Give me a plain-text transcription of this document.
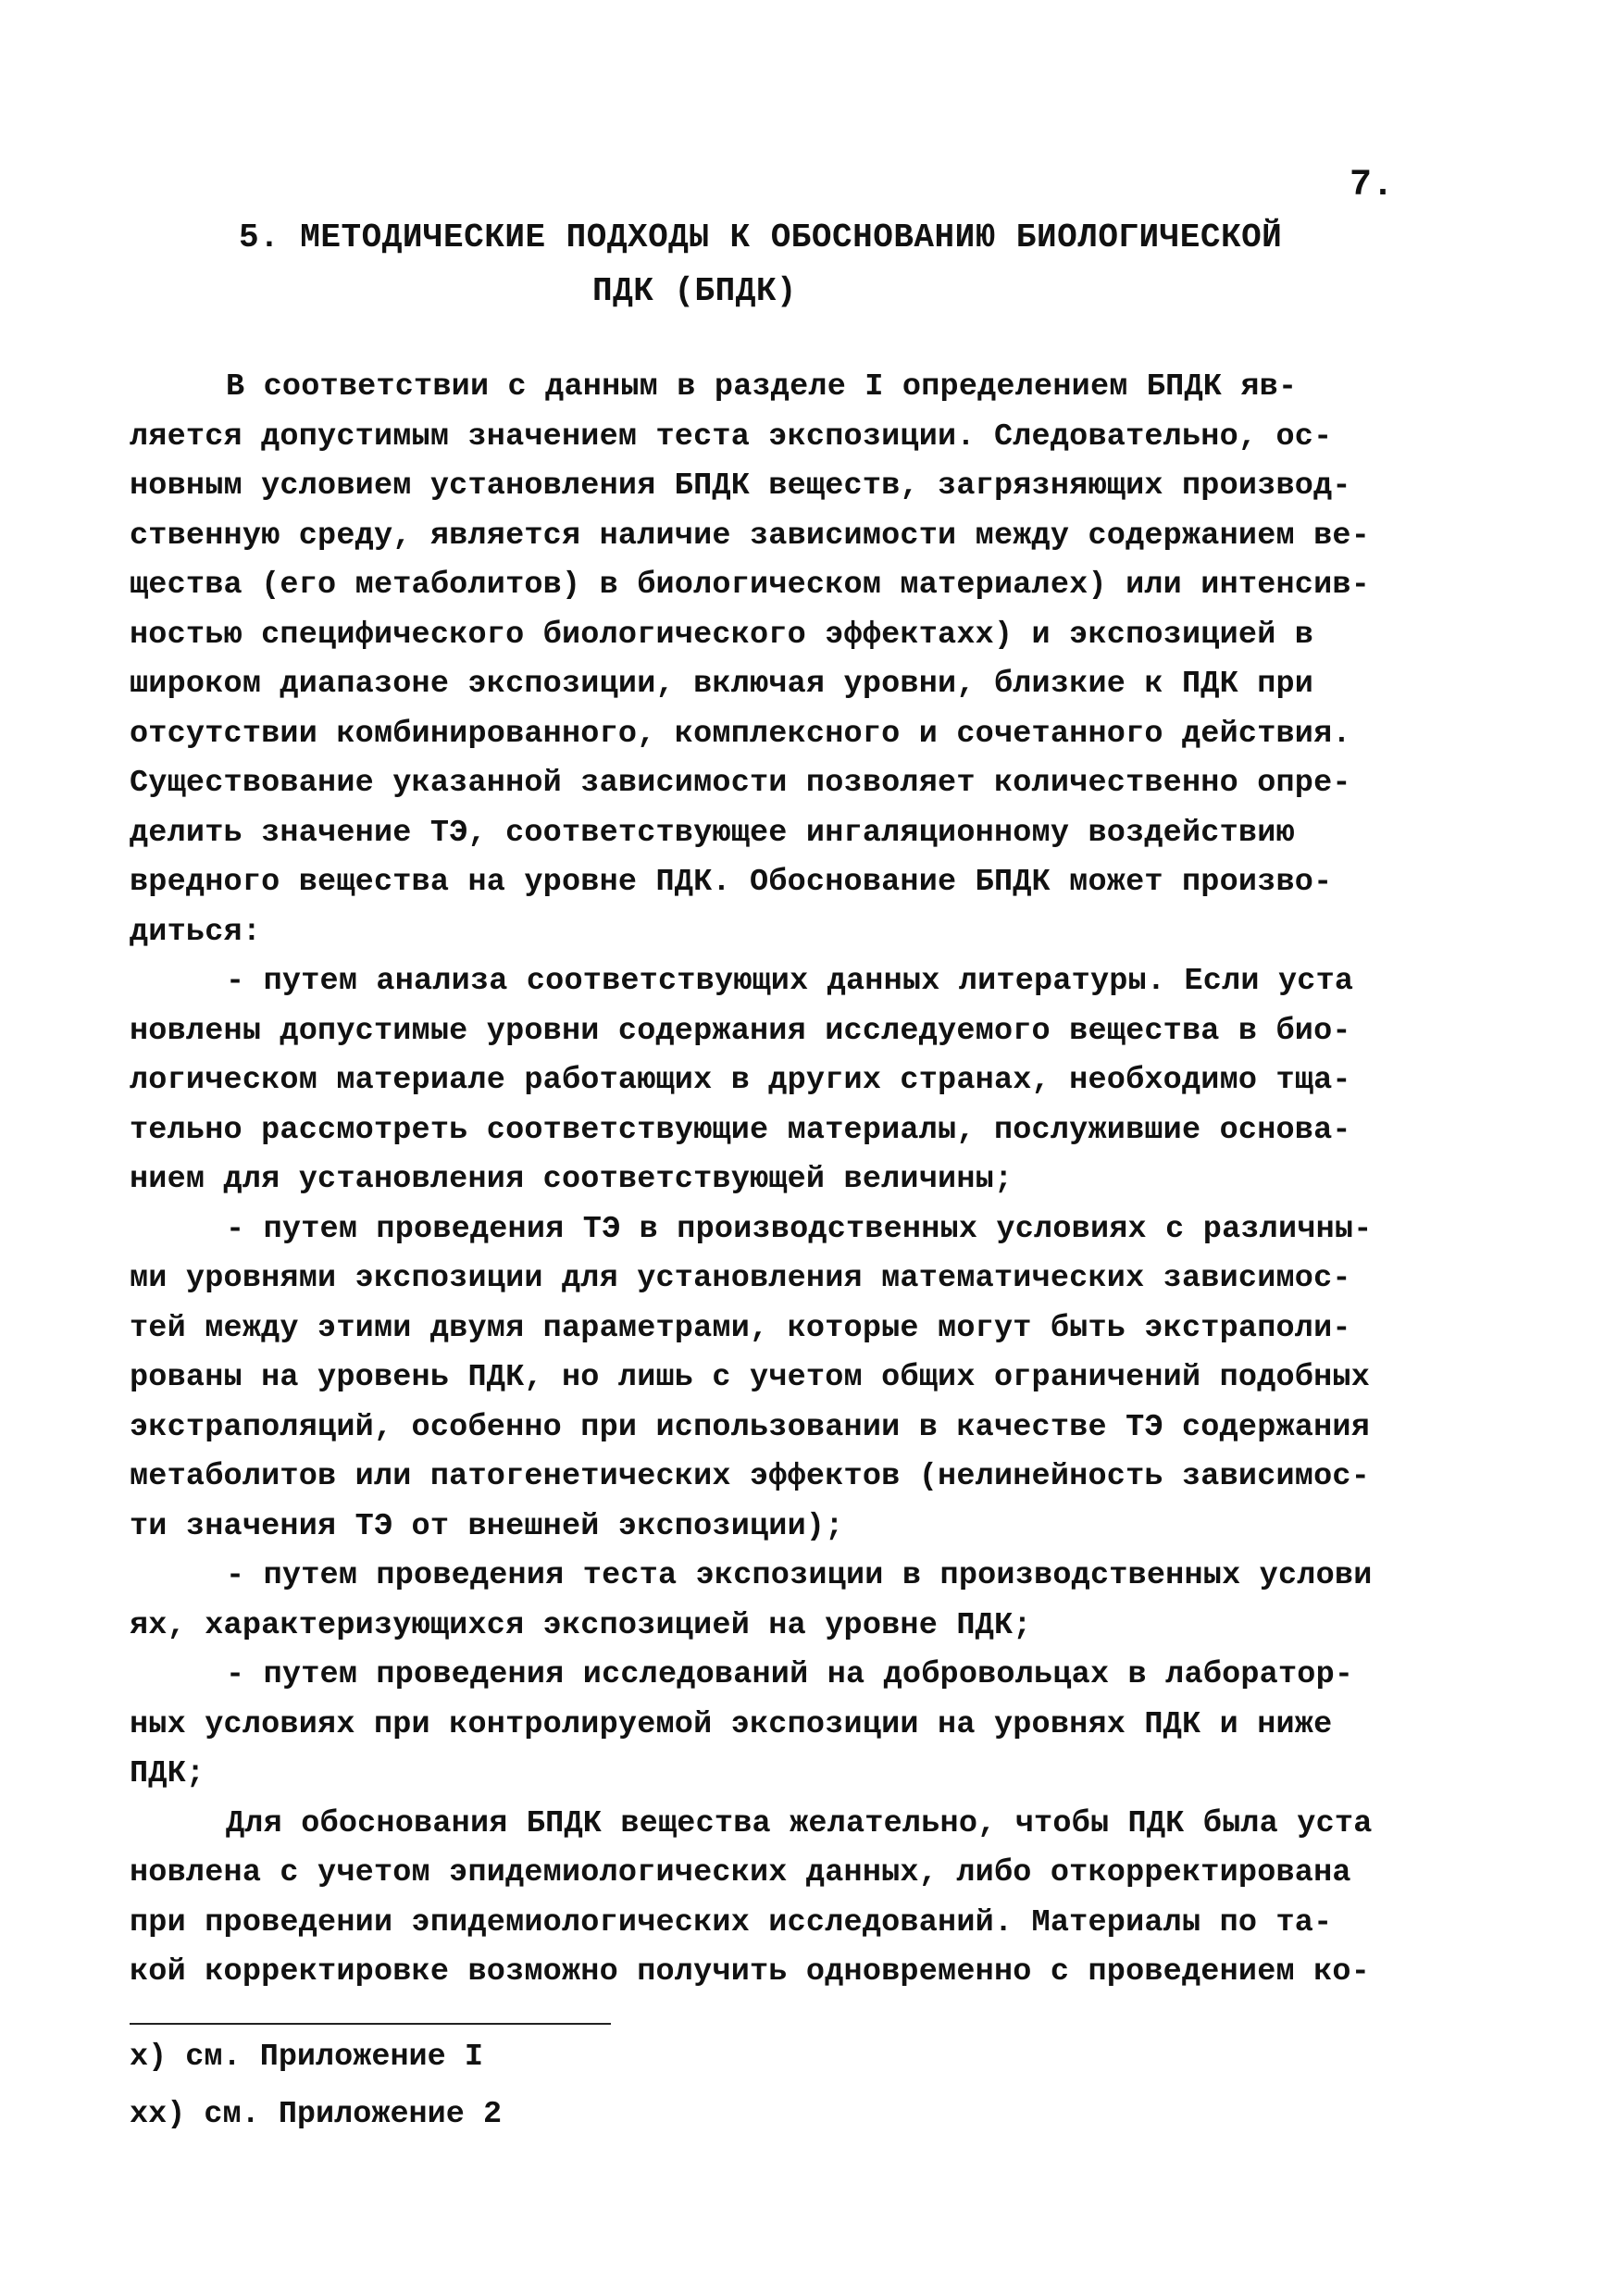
7.
5. МЕТОДИЧЕСКИЕ ПОДХОДЫ К ОБОСНОВАНИЮ БИОЛОГИЧЕСКОЙ
ПДК (БПДК)
В соответствии с данным в разделе I определением БПДК яв-
ляется допустимым значением теста экспозиции. Следовательно, ос-
новным условием установления БПДК веществ, загрязняющих производ-
ственную среду, является наличие зависимости между содержанием ве-
щества (его метаболитов) в биологическом материалех) или интенсив-
ностью специфического биологического эффектахх) и экспозицией в
широком диапазоне экспозиции, включая уровни, близкие к ПДК при
отсутствии комбинированного, комплексного и сочетанного действия.
Существование указанной зависимости позволяет количественно опре-
делить значение ТЭ, соответствующее ингаляционному воздействию
вредного вещества на уровне ПДК. Обоснование БПДК может произво-
диться:
- путем анализа соответствующих данных литературы. Если уста
новлены допустимые уровни содержания исследуемого вещества в био-
логическом материале работающих в других странах, необходимо тща-
тельно рассмотреть соответствующие материалы, послужившие основа-
нием для установления соответствующей величины;
- путем проведения ТЭ в производственных условиях с различны-
ми уровнями экспозиции для установления математических зависимос-
тей между этими двумя параметрами, которые могут быть экстраполи-
рованы на уровень ПДК, но лишь с учетом общих ограничений подобных
экстраполяций, особенно при использовании в качестве ТЭ содержания
метаболитов или патогенетических эффектов (нелинейность зависимос-
ти значения ТЭ от внешней экспозиции);
- путем проведения теста экспозиции в производственных услови
ях, характеризующихся экспозицией на уровне ПДК;
- путем проведения исследований на добровольцах в лаборатор-
ных условиях при контролируемой экспозиции на уровнях ПДК и ниже
ПДК;
Для обоснования БПДК вещества желательно, чтобы ПДК была уста
новлена с учетом эпидемиологических данных, либо откорректирована
при проведении эпидемиологических исследований. Материалы по та-
кой корректировке возможно получить одновременно с проведением ко-
х) см. Приложение I
хх) см. Приложение 2
